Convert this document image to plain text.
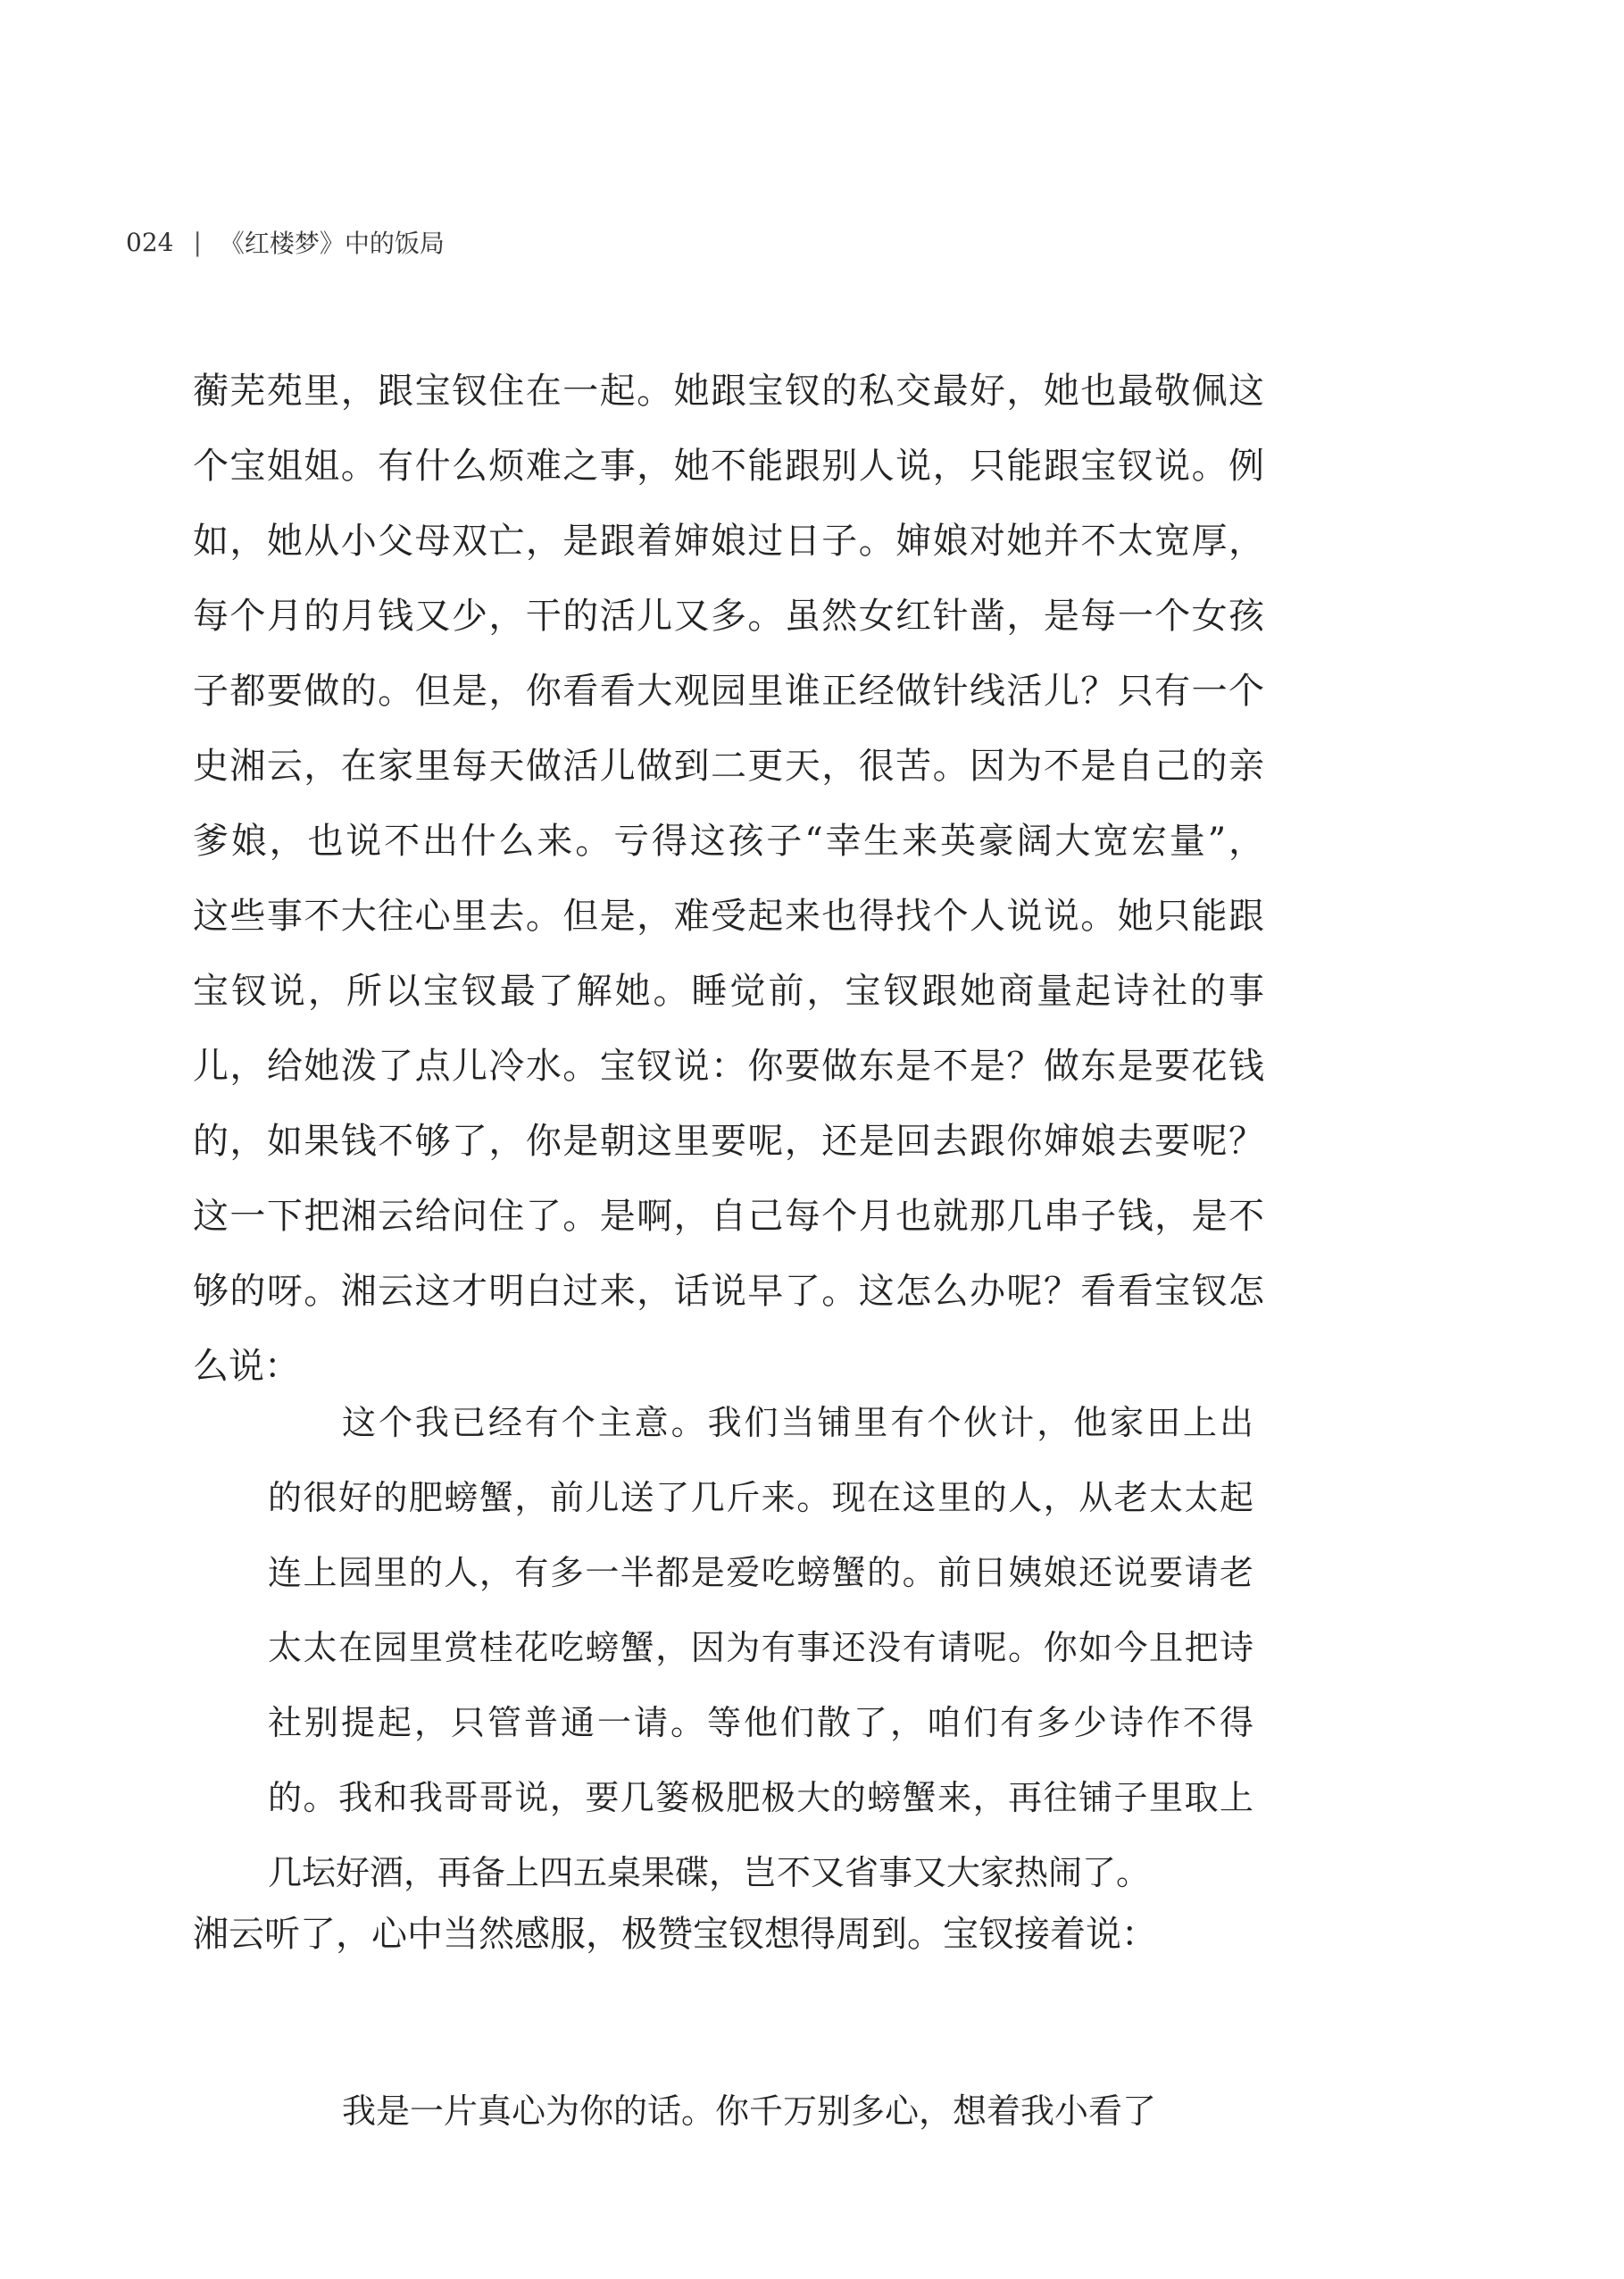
024 | 《红楼梦》中的饭局
蘅芜苑里，跟宝钗住在一起。她跟宝钗的私交最好，她也最敬佩这
个宝姐姐。有什么烦难之事，她不能跟别人说，只能跟宝钗说。例
如，她从小父母双亡，是跟着婶娘过日子。婶娘对她并不太宽厚，
每个月的月钱又少，干的活儿又多。虽然女红针凿，是每一个女孩
子都要做的。但是，你看看大观园里谁正经做针线活儿？只有一个
史湘云，在家里每天做活儿做到二更天，很苦。因为不是自己的亲
爹娘，也说不出什么来。亏得这孩子“幸生来英豪阔大宽宏量”，
这些事不大往心里去。但是，难受起来也得找个人说说。她只能跟
宝钗说，所以宝钗最了解她。睡觉前，宝钗跟她商量起诗社的事
儿，给她泼了点儿冷水。宝钗说：你要做东是不是？做东是要花钱
的，如果钱不够了，你是朝这里要呢，还是回去跟你婶娘去要呢？
这一下把湘云给问住了。是啊，自己每个月也就那几串子钱，是不
够的呀。湘云这才明白过来，话说早了。这怎么办呢？看看宝钗怎
么说：
这个我已经有个主意。我们当铺里有个伙计，他家田上出
的很好的肥螃蟹，前儿送了几斤来。现在这里的人，从老太太起
连上园里的人，有多一半都是爱吃螃蟹的。前日姨娘还说要请老
太太在园里赏桂花吃螃蟹，因为有事还没有请呢。你如今且把诗
社别提起，只管普通一请。等他们散了，咱们有多少诗作不得
的。我和我哥哥说，要几篓极肥极大的螃蟹来，再往铺子里取上
几坛好酒，再备上四五桌果碟，岂不又省事又大家热闹了。
湘云听了，心中当然感服，极赞宝钗想得周到。宝钗接着说：
我是一片真心为你的话。你千万别多心，想着我小看了
